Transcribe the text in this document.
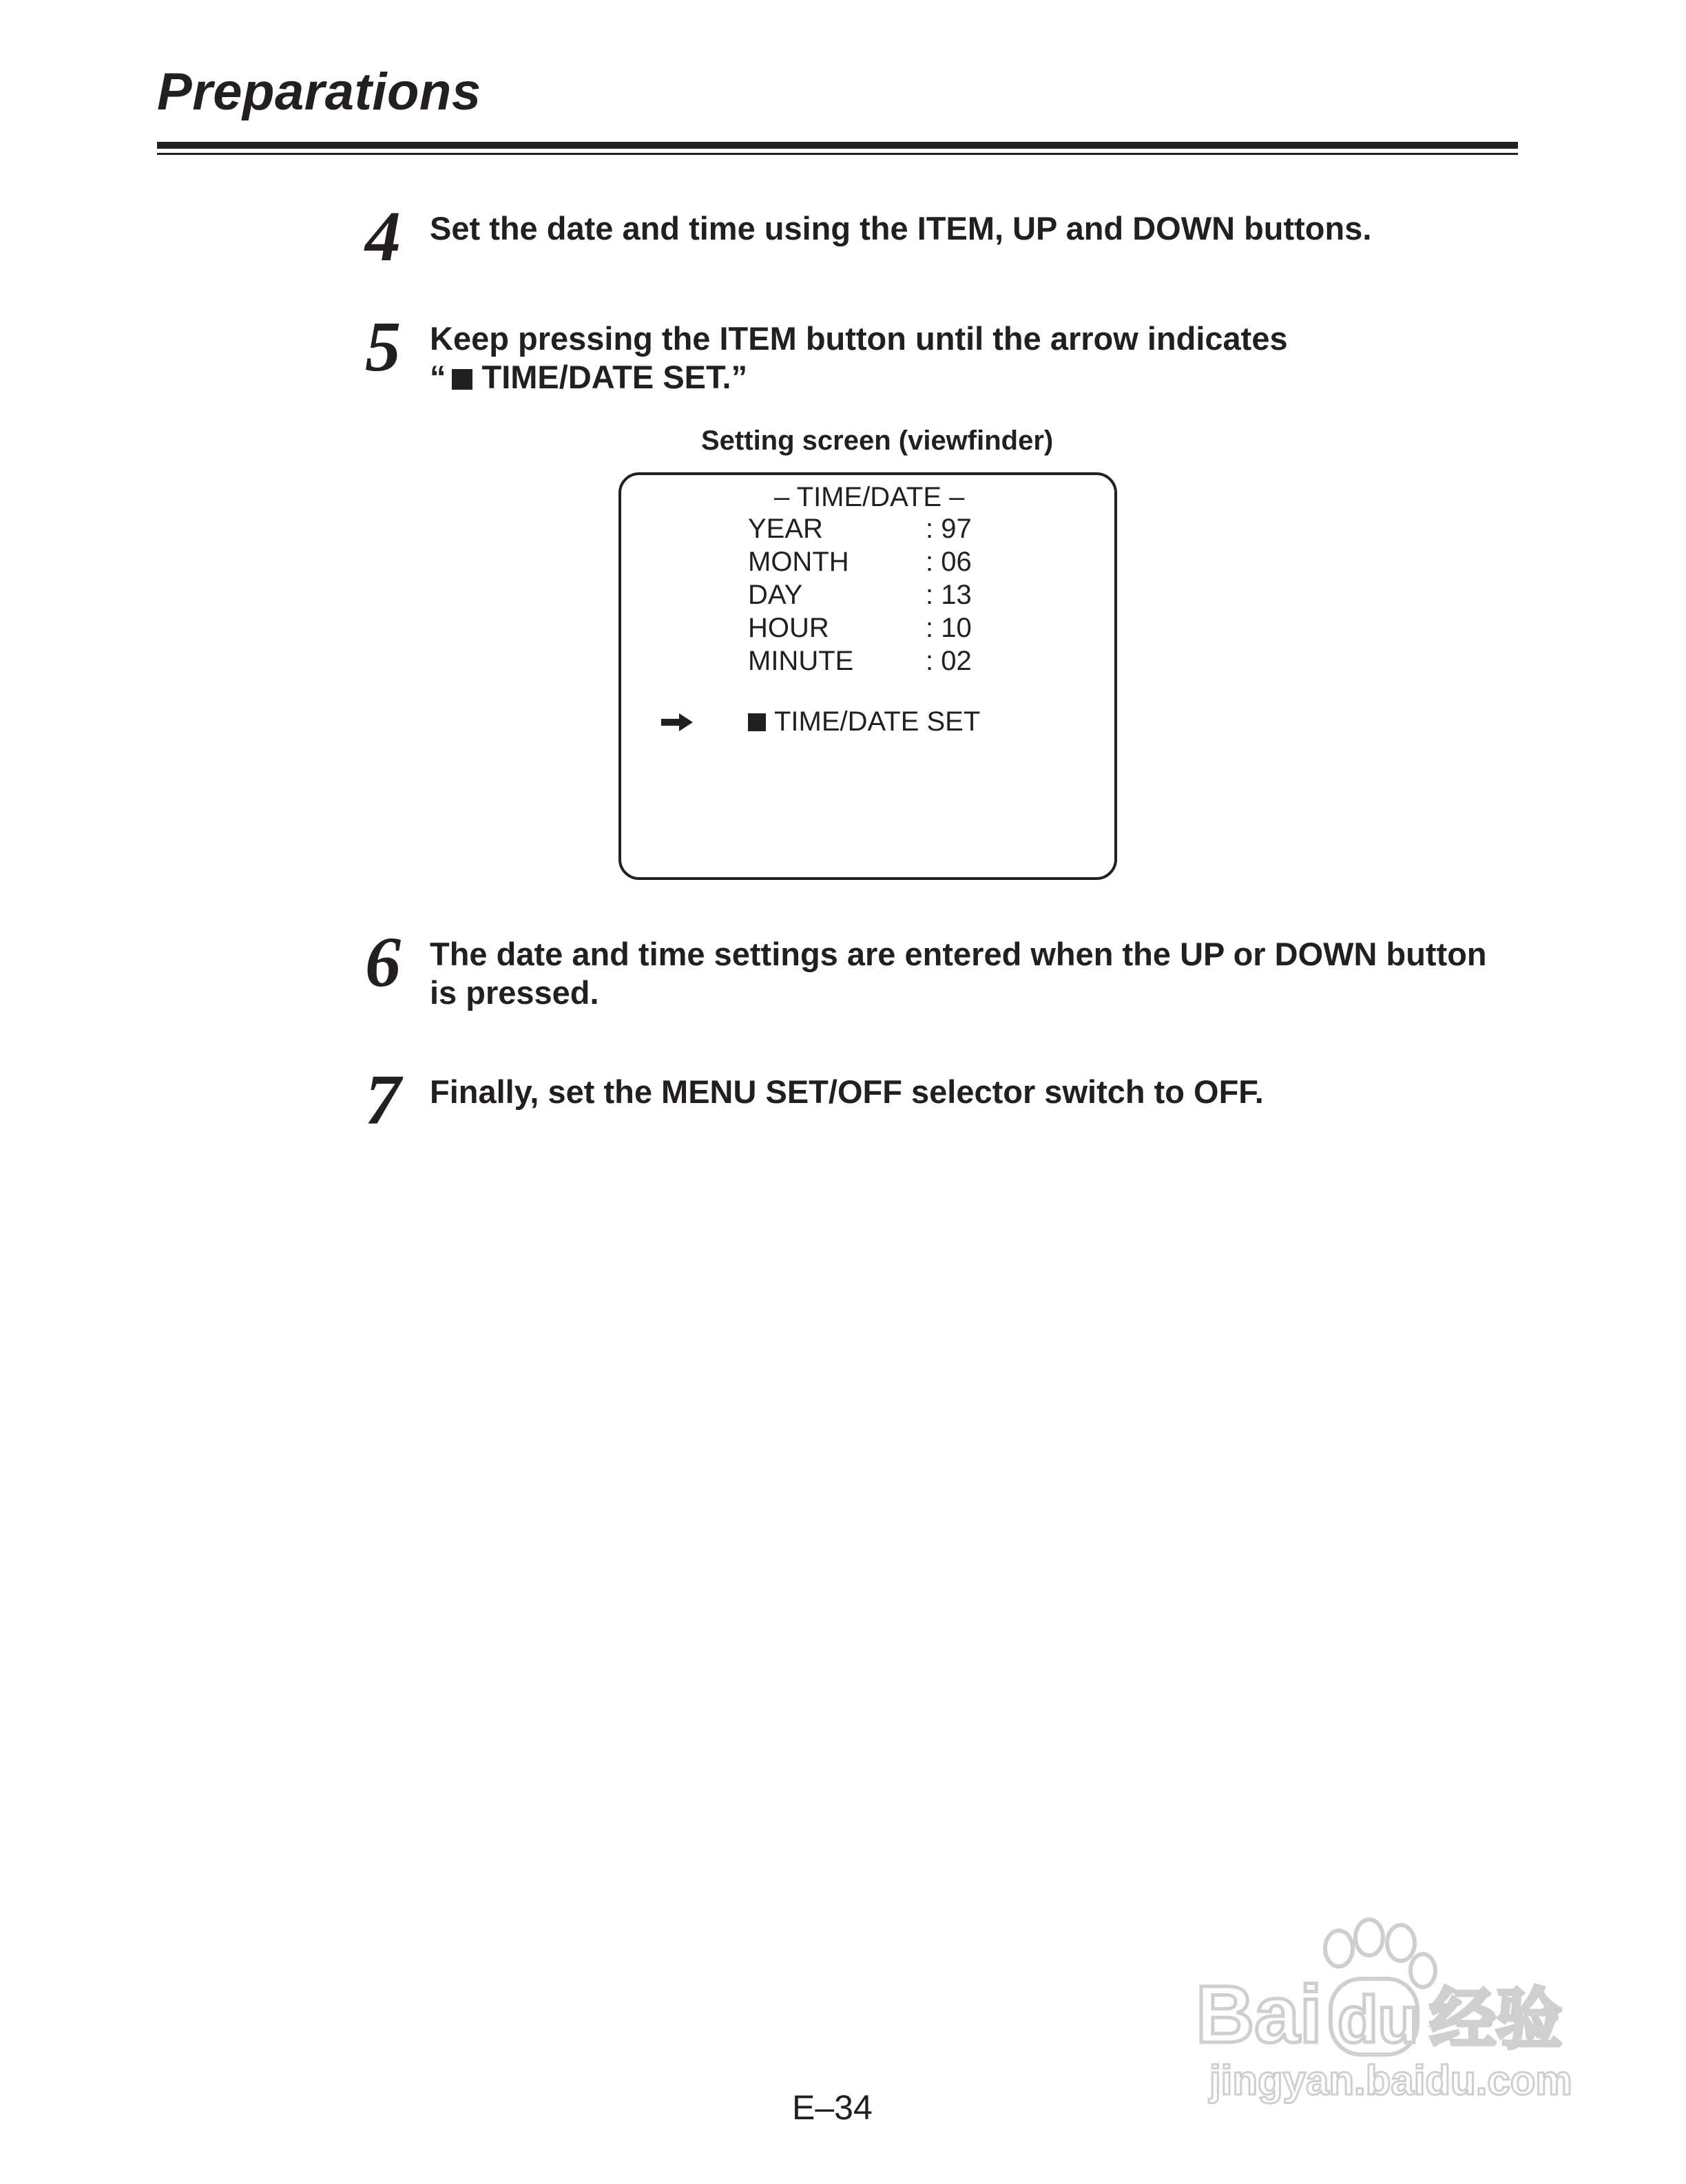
Preparations
4 Set the date and time using the ITEM, UP and DOWN buttons.
5 Keep pressing the ITEM button until the arrow indicates
“ TIME/DATE SET.”
Setting screen (viewfinder)
– TIME/DATE –
YEAR	: 97
MONTH	: 06
DAY	: 13
HOUR	: 10
MINUTE	: 02
TIME/DATE SET
6 The date and time settings are entered when the UP or DOWN button
is pressed.
7 Finally, set the MENU SET/OFF selector switch to OFF.
E–34
Bai du 经验
jingyan.baidu.com
